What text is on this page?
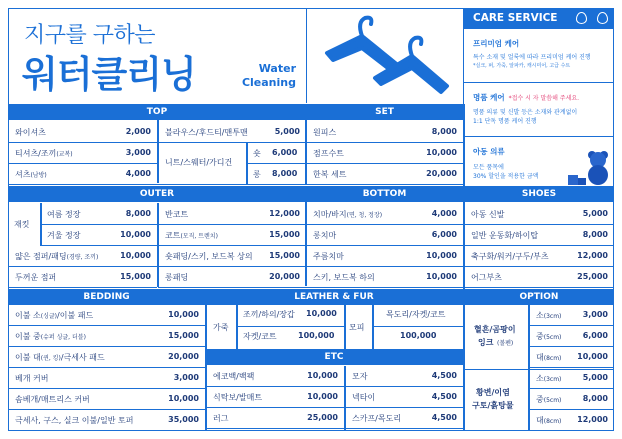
지구를 구하는
워터클리닝	Water
Cleaning
CARE SERVICE
프리미엄 케어
특수 소재 및 얼룩에 따라 프리미엄 케어 진행
*실크, 퍼, 가죽, 알파카, 캐시미어, 고급 수트
명품 케어 *접수 시 자 말씀해 주세요.
명품 의류 및 신발 등은 소재와 관계없이
1:1 단독 명품 케어 진행
아동 의류
모든 품목에
30% 할인을 적용한 금액
TOP	SET
OUTER	BOTTOM	SHOES
BEDDING	LEATHER & FUR	OPTION
ETC
와이셔츠	2,000
티셔츠/조끼(교복)	3,000
셔츠(남방)	4,000
블라우스/후드티/맨투맨	5,000
니트/스웨터/가디건
숏 6,000
롱 8,000
원피스	8,000
점프수트	10,000
한복 세트	20,000
재킷
여름 정장	8,000
겨울 정장	10,000
얇은 점퍼/패딩(경량, 조끼)	10,000
두꺼운 점퍼	15,000
반코트	12,000
코트(모직, 트렌치)	15,000
숏패딩/스키, 보드복 상의 15,000
롱패딩	20,000
치마/바지(면, 청, 정장)	4,000
롱치마	6,000
주름치마	10,000
스키, 보드복 하의	10,000
아동 신발	5,000
일반 운동화/하이탑	8,000
축구화/워커/구두/부츠	12,000
어그부츠	25,000
이불 소(싱글)/이불 패드	10,000
이불 중(슈퍼 싱글, 더블)	15,000
이불 대(퀸, 킹)/극세사 패드	20,000
베개 커버	3,000
솜베개/매트리스 커버	10,000
극세사, 구스, 실크 이불/일반 토퍼	35,000
가죽
조끼/하의/장갑 10,000
자켓/코트	100,000
모피
목도리/자켓/코트
100,000
에코백/백팩	10,000 모자	4,500
식탁보/발매트	10,000 넥타이	4,500
러그	25,000 스카프/목도리	4,500
혈흔/곰팡이
잉크 (볼펜)
황변/이염
구토/흙탕물
소(3cm)	3,000
중(5cm)	6,000
대(8cm) 10,000
소(3cm)	5,000
중(5cm)	8,000
대(8cm) 12,000
